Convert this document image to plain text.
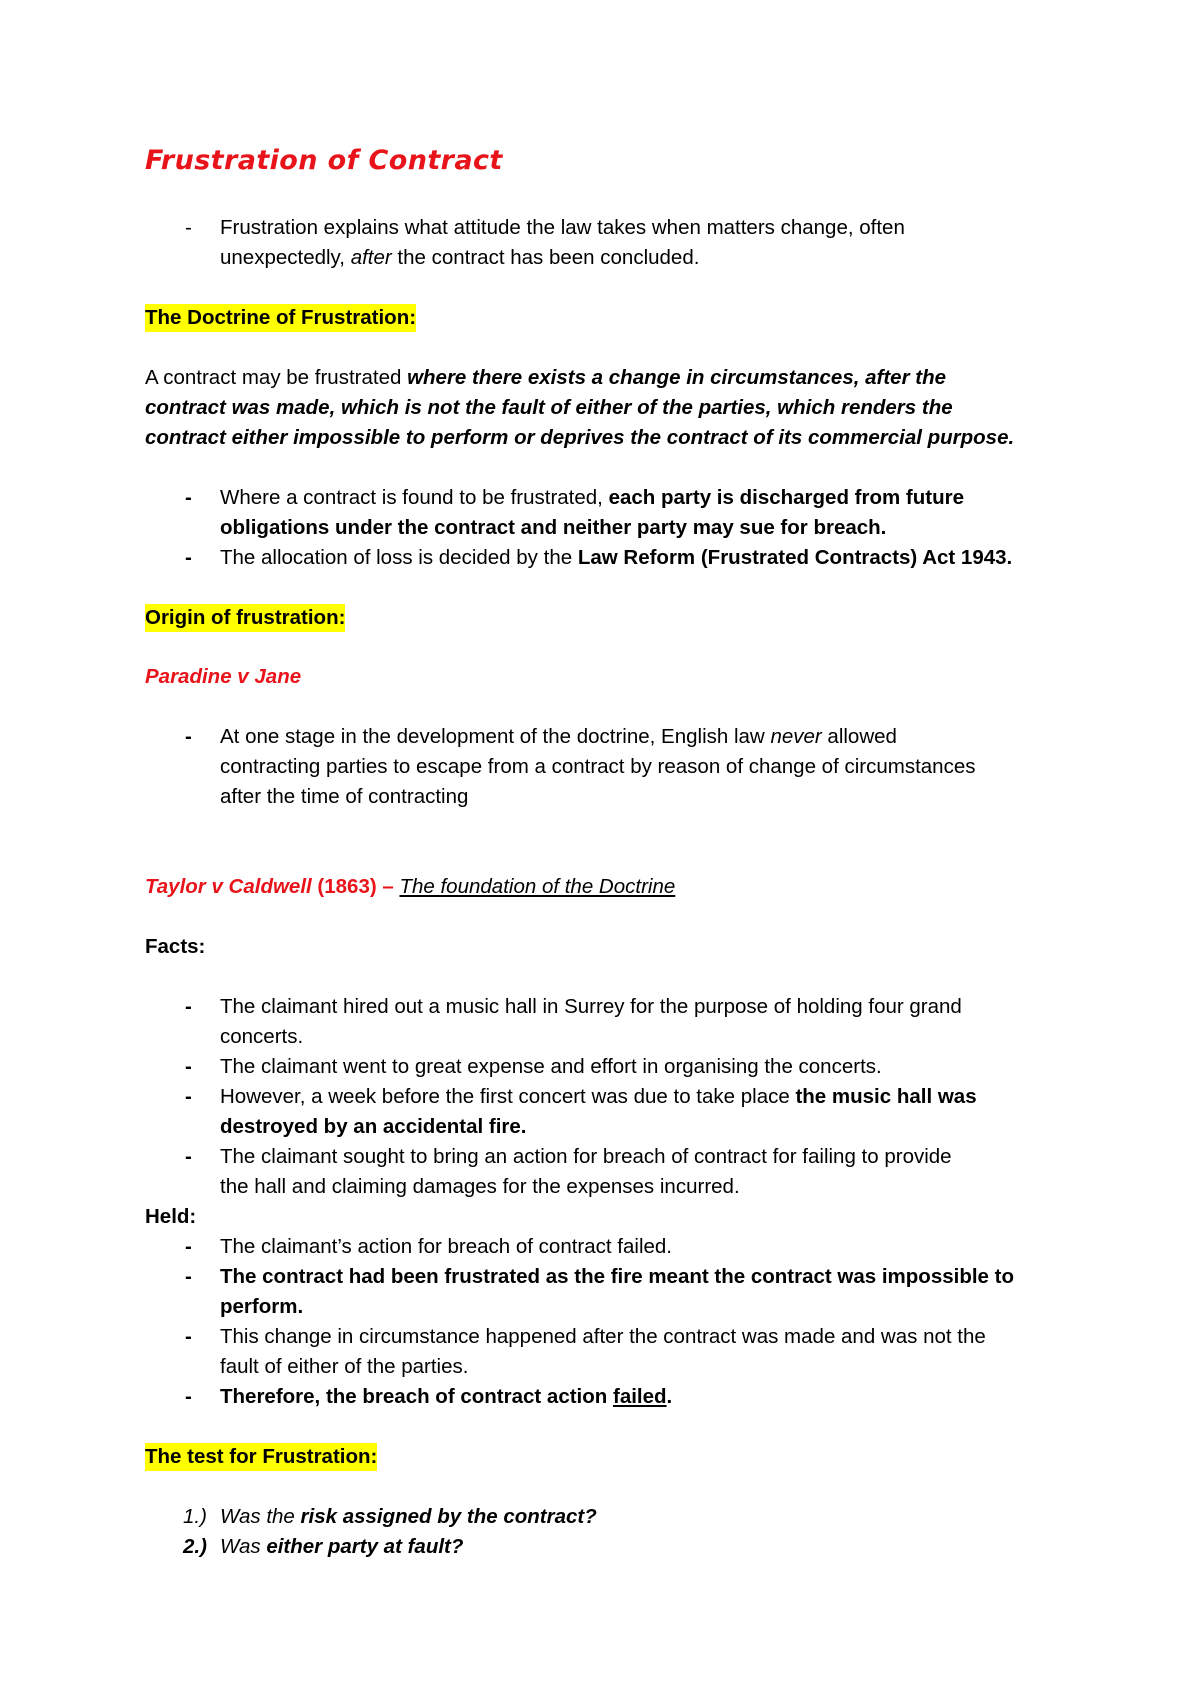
Frustration of Contract
- Frustration explains what attitude the law takes when matters change, often
unexpectedly, after the contract has been concluded.
The Doctrine of Frustration:
A contract may be frustrated where there exists a change in circumstances, after the
contract was made, which is not the fault of either of the parties, which renders the
contract either impossible to perform or deprives the contract of its commercial purpose.
- Where a contract is found to be frustrated, each party is discharged from future
obligations under the contract and neither party may sue for breach.
- The allocation of loss is decided by the Law Reform (Frustrated Contracts) Act 1943.
Origin of frustration:
Paradine v Jane
- At one stage in the development of the doctrine, English law never allowed
contracting parties to escape from a contract by reason of change of circumstances
after the time of contracting
Taylor v Caldwell (1863) – The foundation of the Doctrine
Facts:
- The claimant hired out a music hall in Surrey for the purpose of holding four grand
concerts.
- The claimant went to great expense and effort in organising the concerts.
- However, a week before the first concert was due to take place the music hall was
destroyed by an accidental fire.
- The claimant sought to bring an action for breach of contract for failing to provide
the hall and claiming damages for the expenses incurred.
Held:
- The claimant’s action for breach of contract failed.
- The contract had been frustrated as the fire meant the contract was impossible to
perform.
- This change in circumstance happened after the contract was made and was not the
fault of either of the parties.
- Therefore, the breach of contract action failed.
The test for Frustration:
1.) Was the risk assigned by the contract?
2.) Was either party at fault?
